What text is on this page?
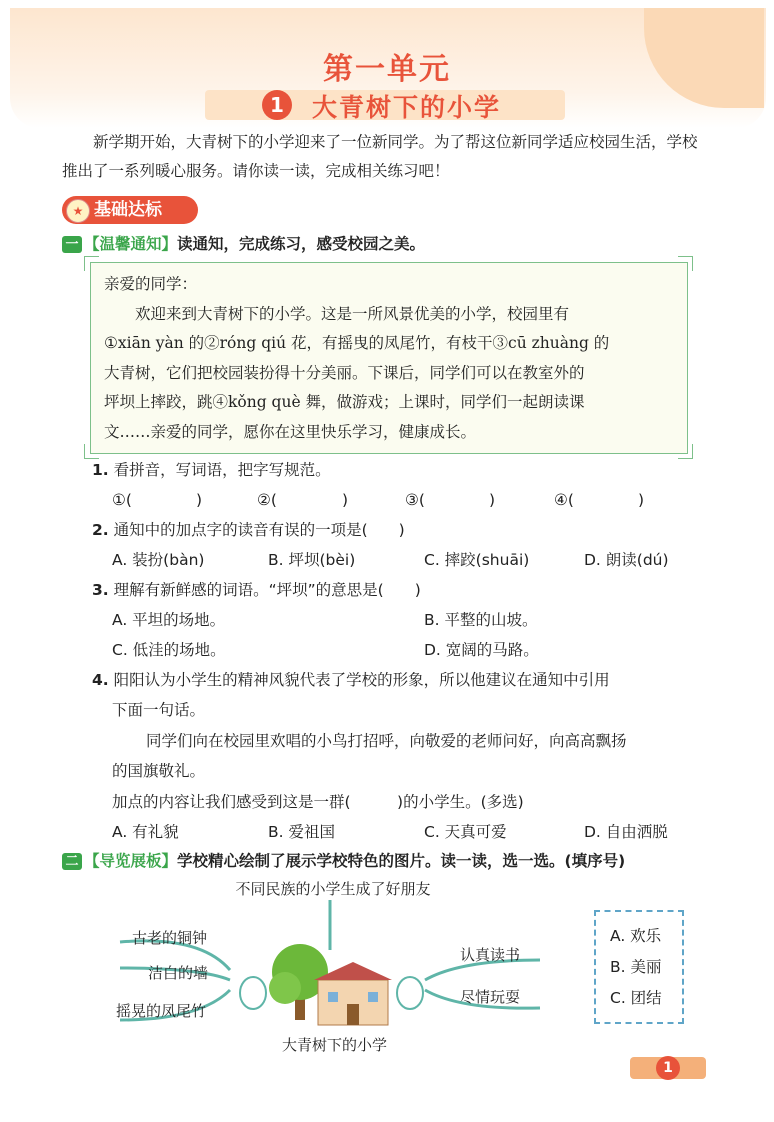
第一单元
1	大青树下的小学
新学期开始，大青树下的小学迎来了一位新同学。为了帮这位新同学适应校园生活，学校推出了一系列暖心服务。请你读一读，完成相关练习吧！
★ 基础达标
一 【温馨通知】读通知，完成练习，感受校园之美。
亲爱的同学：
欢迎来到大青树下的小学。这是一所风景优美的小学，校园里有
①xiān yàn 的②róng qiú 花，有摇曳的凤尾竹，有枝干③cū zhuàng 的
大青树，它们把校园装扮得十分美丽。下课后，同学们可以在教室外的
坪坝上摔跤，跳④kǒng què 舞，做游戏；上课时，同学们一起朗读课
文……亲爱的同学，愿你在这里快乐学习，健康成长。
1. 看拼音，写词语，把字写规范。
①(	)	②(	)	③(	)	④(	)
2. 通知中的加点字的读音有误的一项是(　　)
A. 装扮(bàn)	B. 坪坝(bèi)	C. 摔跤(shuāi)	D. 朗读(dú)
3. 理解有新鲜感的词语。“坪坝”的意思是(　　)
A. 平坦的场地。	B. 平整的山坡。
C. 低洼的场地。	D. 宽阔的马路。
4. 阳阳认为小学生的精神风貌代表了学校的形象，所以他建议在通知中引用
下面一句话。
同学们向在校园里欢唱的小鸟打招呼，向敬爱的老师问好，向高高飘扬
的国旗敬礼。
加点的内容让我们感受到这是一群(　　　)的小学生。(多选)
A. 有礼貌	B. 爱祖国	C. 天真可爱	D. 自由洒脱
二 【导览展板】学校精心绘制了展示学校特色的图片。读一读，选一选。(填序号)
不同民族的小学生成了好朋友
古老的铜钟
洁白的墙
摇晃的凤尾竹
认真读书
尽情玩耍
大青树下的小学
A. 欢乐
B. 美丽
C. 团结
1
